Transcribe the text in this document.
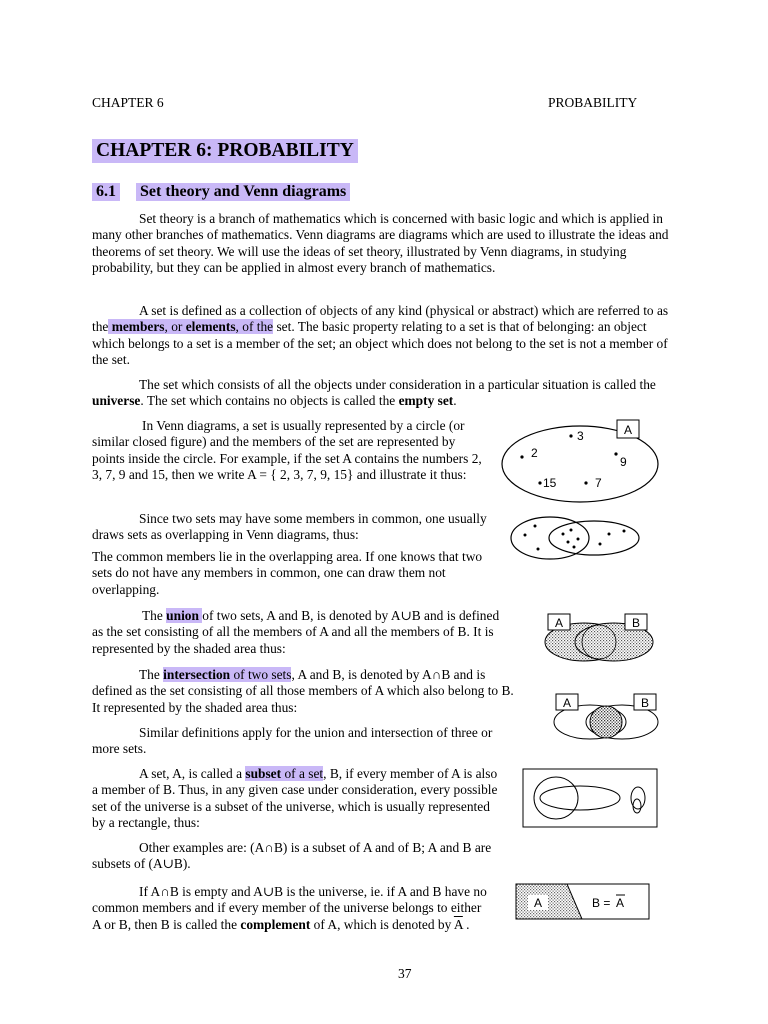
CHAPTER 6	PROBABILITY
CHAPTER 6: PROBABILITY
6.1 Set theory and Venn diagrams

Set theory is a branch of mathematics which is concerned with basic logic and which is applied in many other branches of mathematics. Venn diagrams are diagrams which are used to illustrate the ideas and theorems of set theory. We will use the ideas of set theory, illustrated by Venn diagrams, in studying probability, but they can be applied in almost every branch of mathematics.

A set is defined as a collection of objects of any kind (physical or abstract) which are referred to as the members, or elements, of the set. The basic property relating to a set is that of belonging: an object which belongs to a set is a member of the set; an object which does not belong to the set is not a member of the set.

The set which consists of all the objects under consideration in a particular situation is called the universe. The set which contains no objects is called the empty set.

In Venn diagrams, a set is usually represented by a circle (or similar closed figure) and the members of the set are represented by points inside the circle. For example, if the set A contains the numbers 2, 3, 7, 9 and 15, then we write A = { 2, 3, 7, 9, 15} and illustrate it thus:

Since two sets may have some members in common, one usually draws sets as overlapping in Venn diagrams, thus:

The common members lie in the overlapping area. If one knows that two sets do not have any members in common, one can draw them not overlapping.

The union of two sets, A and B, is denoted by A∪B and is defined as the set consisting of all the members of A and all the members of B. It is represented by the shaded area thus:

The intersection of two sets, A and B, is denoted by A∩B and is defined as the set consisting of all those members of A which also belong to B. It represented by the shaded area thus:

Similar definitions apply for the union and intersection of three or more sets.

A set, A, is called a subset of a set, B, if every member of A is also a member of B. Thus, in any given case under consideration, every possible set of the universe is a subset of the universe, which is usually represented by a rectangle, thus:

Other examples are: (A∩B) is a subset of A and of B; A and B are subsets of (A∪B).

If A∩B is empty and A∪B is the universe, ie. if A and B have no common members and if every member of the universe belongs to either A or B, then B is called the complement of A, which is denoted by $\overline{A}$ .

37
A
3
2
9
15	7
A	B
A	B
A	B = A
